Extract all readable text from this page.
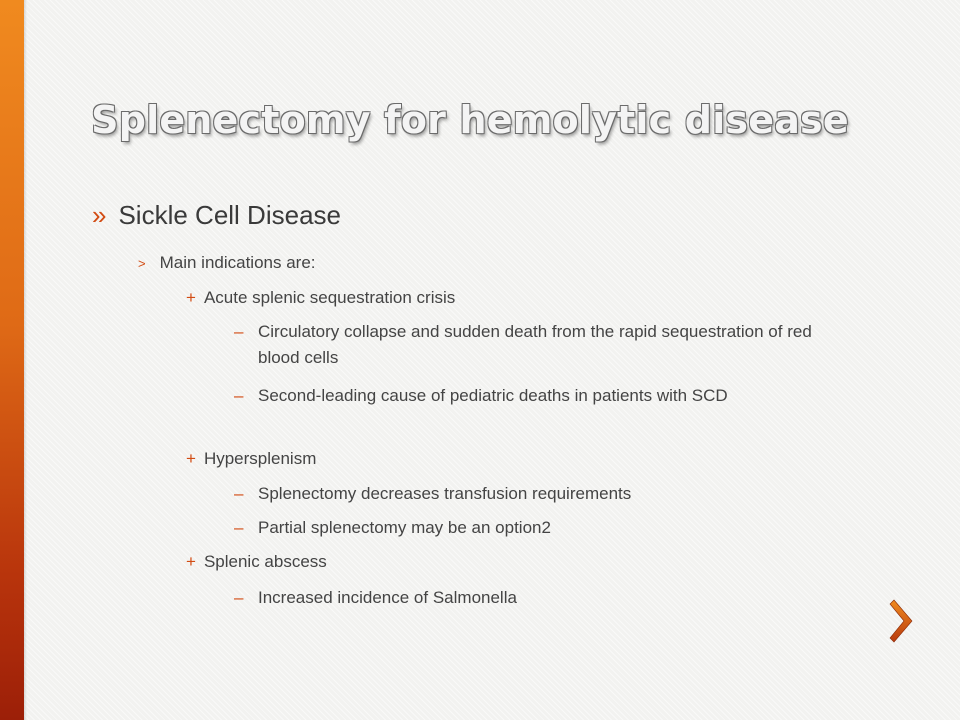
Splenectomy for hemolytic disease
» Sickle Cell Disease
> Main indications are:
+ Acute splenic sequestration crisis
– Circulatory collapse and sudden death from the rapid sequestration of red blood cells
– Second-leading cause of pediatric deaths in patients with SCD
+ Hypersplenism
– Splenectomy decreases transfusion requirements
– Partial splenectomy may be an option2
+ Splenic abscess
– Increased incidence of Salmonella
